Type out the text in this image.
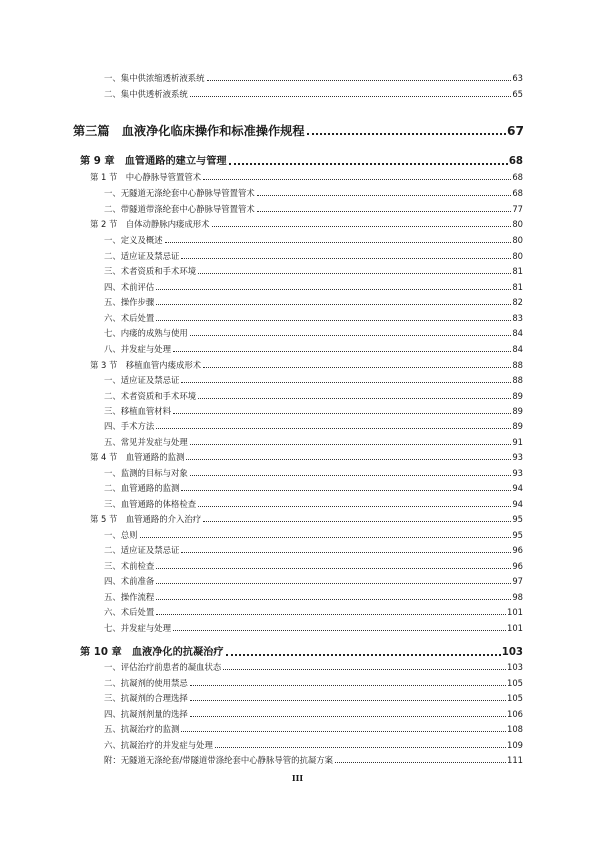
一、集中供浓缩透析液系统	63
二、集中供透析液系统	65
第三篇　血液净化临床操作和标准操作规程	67
第 9 章　血管通路的建立与管理	68
第 1 节　中心静脉导管置管术	68
一、无隧道无涤纶套中心静脉导管置管术	68
二、带隧道带涤纶套中心静脉导管置管术	77
第 2 节　自体动静脉内瘘成形术	80
一、定义及概述	80
二、适应证及禁忌证	80
三、术者资质和手术环境	81
四、术前评估	81
五、操作步骤	82
六、术后处置	83
七、内瘘的成熟与使用	84
八、并发症与处理	84
第 3 节　移植血管内瘘成形术	88
一、适应证及禁忌证	88
二、术者资质和手术环境	89
三、移植血管材料	89
四、手术方法	89
五、常见并发症与处理	91
第 4 节　血管通路的监测	93
一、监测的目标与对象	93
二、血管通路的监测	94
三、血管通路的体格检查	94
第 5 节　血管通路的介入治疗	95
一、总则	95
二、适应证及禁忌证	96
三、术前检查	96
四、术前准备	97
五、操作流程	98
六、术后处置	101
七、并发症与处理	101
第 10 章　血液净化的抗凝治疗	103
一、评估治疗前患者的凝血状态	103
二、抗凝剂的使用禁忌	105
三、抗凝剂的合理选择	105
四、抗凝剂剂量的选择	106
五、抗凝治疗的监测	108
六、抗凝治疗的并发症与处理	109
附：无隧道无涤纶套/带隧道带涤纶套中心静脉导管的抗凝方案	111
III
